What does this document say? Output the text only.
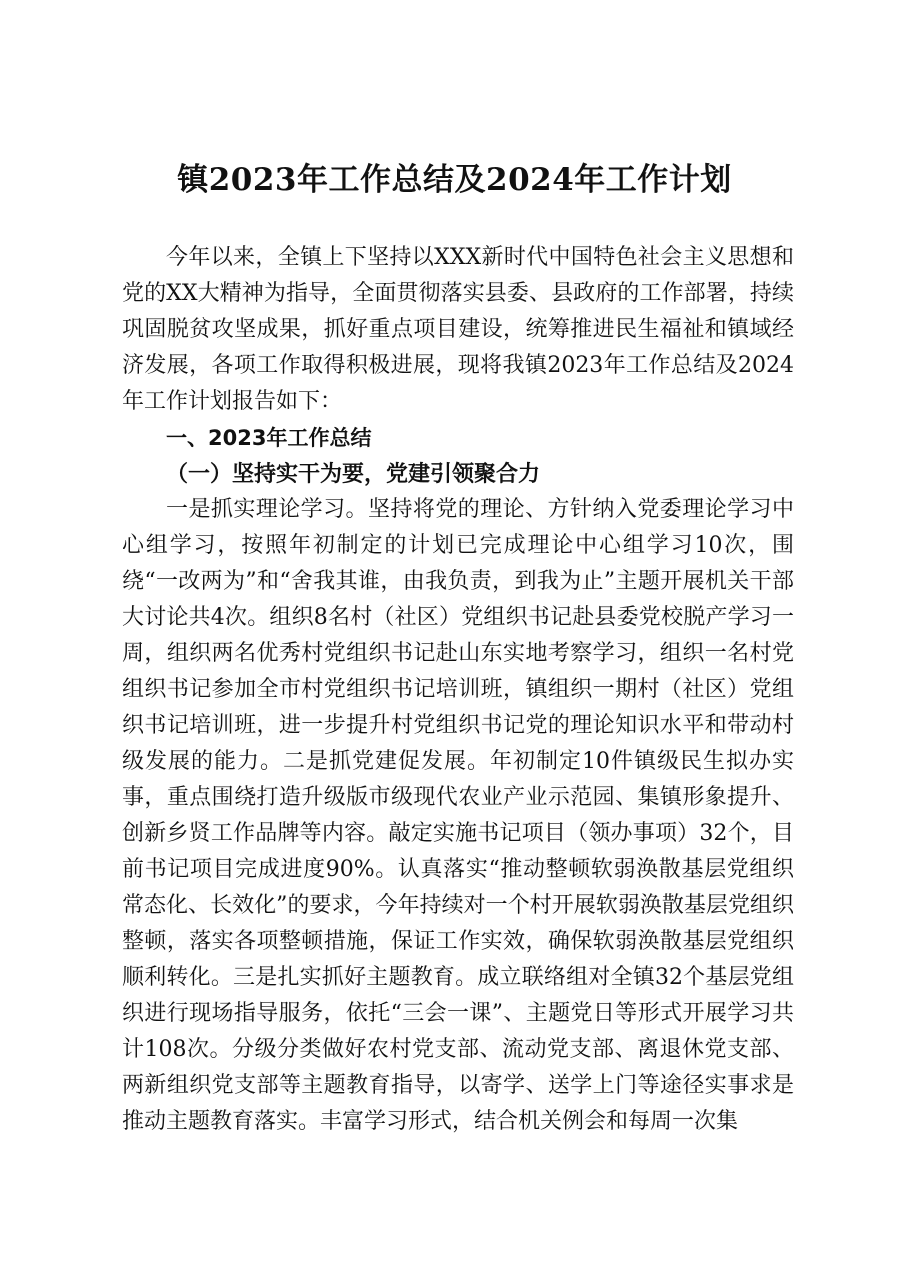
镇2023年工作总结及2024年工作计划

今年以来，全镇上下坚持以XXX新时代中国特色社会主义思想和党的XX大精神为指导，全面贯彻落实县委、县政府的工作部署，持续巩固脱贫攻坚成果，抓好重点项目建设，统筹推进民生福祉和镇域经济发展，各项工作取得积极进展，现将我镇2023年工作总结及2024年工作计划报告如下：

一、2023年工作总结

（一）坚持实干为要，党建引领聚合力

一是抓实理论学习。坚持将党的理论、方针纳入党委理论学习中心组学习，按照年初制定的计划已完成理论中心组学习10次，围绕“一改两为”和“舍我其谁，由我负责，到我为止”主题开展机关干部大讨论共4次。组织8名村（社区）党组织书记赴县委党校脱产学习一周，组织两名优秀村党组织书记赴山东实地考察学习，组织一名村党组织书记参加全市村党组织书记培训班，镇组织一期村（社区）党组织书记培训班，进一步提升村党组织书记党的理论知识水平和带动村级发展的能力。二是抓党建促发展。年初制定10件镇级民生拟办实事，重点围绕打造升级版市级现代农业产业示范园、集镇形象提升、创新乡贤工作品牌等内容。敲定实施书记项目（领办事项）32个，目前书记项目完成进度90%。认真落实“推动整顿软弱涣散基层党组织常态化、长效化”的要求，今年持续对一个村开展软弱涣散基层党组织整顿，落实各项整顿措施，保证工作实效，确保软弱涣散基层党组织顺利转化。三是扎实抓好主题教育。成立联络组对全镇32个基层党组织进行现场指导服务，依托“三会一课”、主题党日等形式开展学习共计108次。分级分类做好农村党支部、流动党支部、离退休党支部、两新组织党支部等主题教育指导，以寄学、送学上门等途径实事求是推动主题教育落实。丰富学习形式，结合机关例会和每周一次集
